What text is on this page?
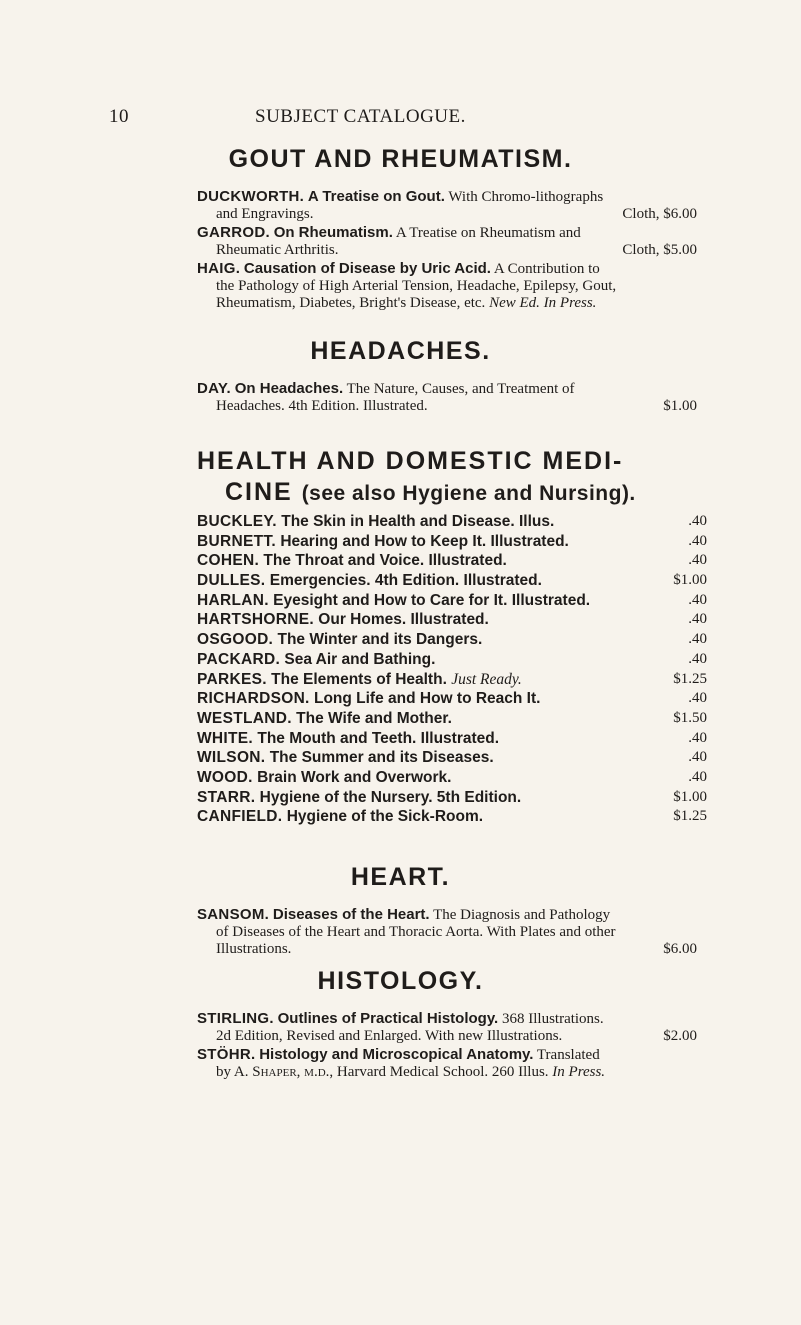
10	SUBJECT CATALOGUE.
GOUT AND RHEUMATISM.
DUCKWORTH. A Treatise on Gout. With Chromo-lithographs
and Engravings.	Cloth, $6.00
GARROD. On Rheumatism. A Treatise on Rheumatism and
Rheumatic Arthritis.	Cloth, $5.00
HAIG. Causation of Disease by Uric Acid. A Contribution to
the Pathology of High Arterial Tension, Headache, Epilepsy, Gout,
Rheumatism, Diabetes, Bright's Disease, etc. New Ed. In Press.
HEADACHES.
DAY. On Headaches. The Nature, Causes, and Treatment of
Headaches. 4th Edition. Illustrated.	$1.00
HEALTH AND DOMESTIC MEDI-
CINE (see also Hygiene and Nursing).
BUCKLEY. The Skin in Health and Disease. Illus.	.40
BURNETT. Hearing and How to Keep It. Illustrated.	.40
COHEN. The Throat and Voice. Illustrated.	.40
DULLES. Emergencies. 4th Edition. Illustrated.	$1.00
HARLAN. Eyesight and How to Care for It. Illustrated.	.40
HARTSHORNE. Our Homes. Illustrated.	.40
OSGOOD. The Winter and its Dangers.	.40
PACKARD. Sea Air and Bathing.	.40
PARKES. The Elements of Health. Just Ready.	$1.25
RICHARDSON. Long Life and How to Reach It.	.40
WESTLAND. The Wife and Mother.	$1.50
WHITE. The Mouth and Teeth. Illustrated.	.40
WILSON. The Summer and its Diseases.	.40
WOOD. Brain Work and Overwork.	.40
STARR. Hygiene of the Nursery. 5th Edition.	$1.00
CANFIELD. Hygiene of the Sick-Room.	$1.25
HEART.
SANSOM. Diseases of the Heart. The Diagnosis and Pathology
of Diseases of the Heart and Thoracic Aorta. With Plates and other
Illustrations.	$6.00
HISTOLOGY.
STIRLING. Outlines of Practical Histology. 368 Illustrations.
2d Edition, Revised and Enlarged. With new Illustrations.	$2.00
STÖHR. Histology and Microscopical Anatomy. Translated
by A. Shaper, m.d., Harvard Medical School. 260 Illus. In Press.
